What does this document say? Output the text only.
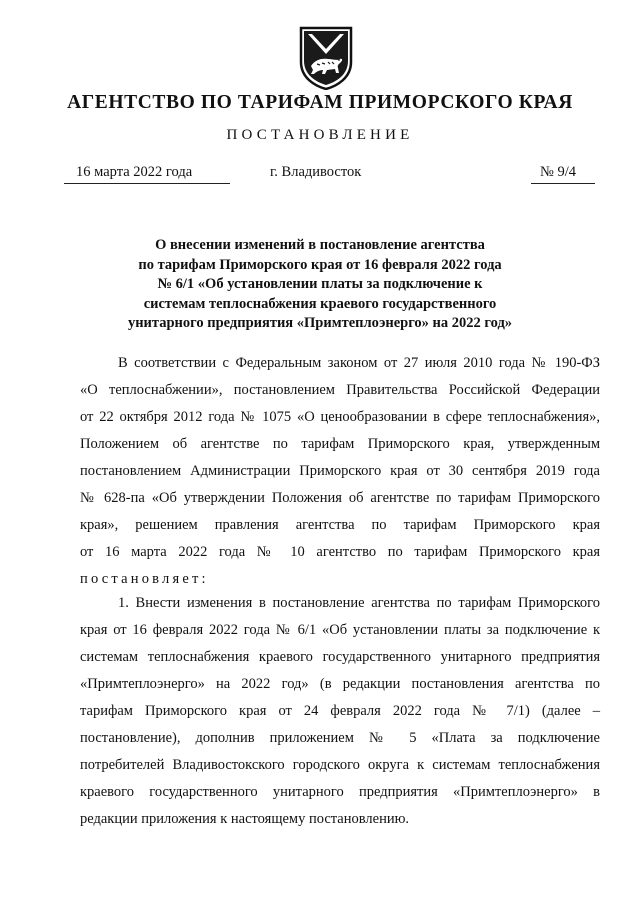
АГЕНТСТВО ПО ТАРИФАМ ПРИМОРСКОГО КРАЯ
ПОСТАНОВЛЕНИЕ
16 марта 2022 года	г. Владивосток	№ 9/4
О внесении изменений в постановление агентства
по тарифам Приморского края от 16 февраля 2022 года
№ 6/1 «Об установлении платы за подключение к
системам теплоснабжения краевого государственного
унитарного предприятия «Примтеплоэнерго» на 2022 год»
В соответствии с Федеральным законом от 27 июля 2010 года № 190-ФЗ
«О теплоснабжении», постановлением Правительства Российской Федерации
от 22 октября 2012 года № 1075 «О ценообразовании в сфере теплоснабжения»,
Положением об агентстве по тарифам Приморского края, утвержденным
постановлением Администрации Приморского края от 30 сентября 2019 года
№ 628-па «Об утверждении Положения об агентстве по тарифам Приморского
края», решением правления агентства по тарифам Приморского края
от 16 марта 2022 года № 10 агентство по тарифам Приморского края
постановляет:
1. Внести изменения в постановление агентства по тарифам Приморского
края от 16 февраля 2022 года № 6/1 «Об установлении платы за подключение к
системам теплоснабжения краевого государственного унитарного предприятия
«Примтеплоэнерго» на 2022 год» (в редакции постановления агентства по
тарифам Приморского края от 24 февраля 2022 года № 7/1) (далее –
постановление), дополнив приложением № 5 «Плата за подключение
потребителей Владивостокского городского округа к системам теплоснабжения
краевого государственного унитарного предприятия «Примтеплоэнерго» в
редакции приложения к настоящему постановлению.
